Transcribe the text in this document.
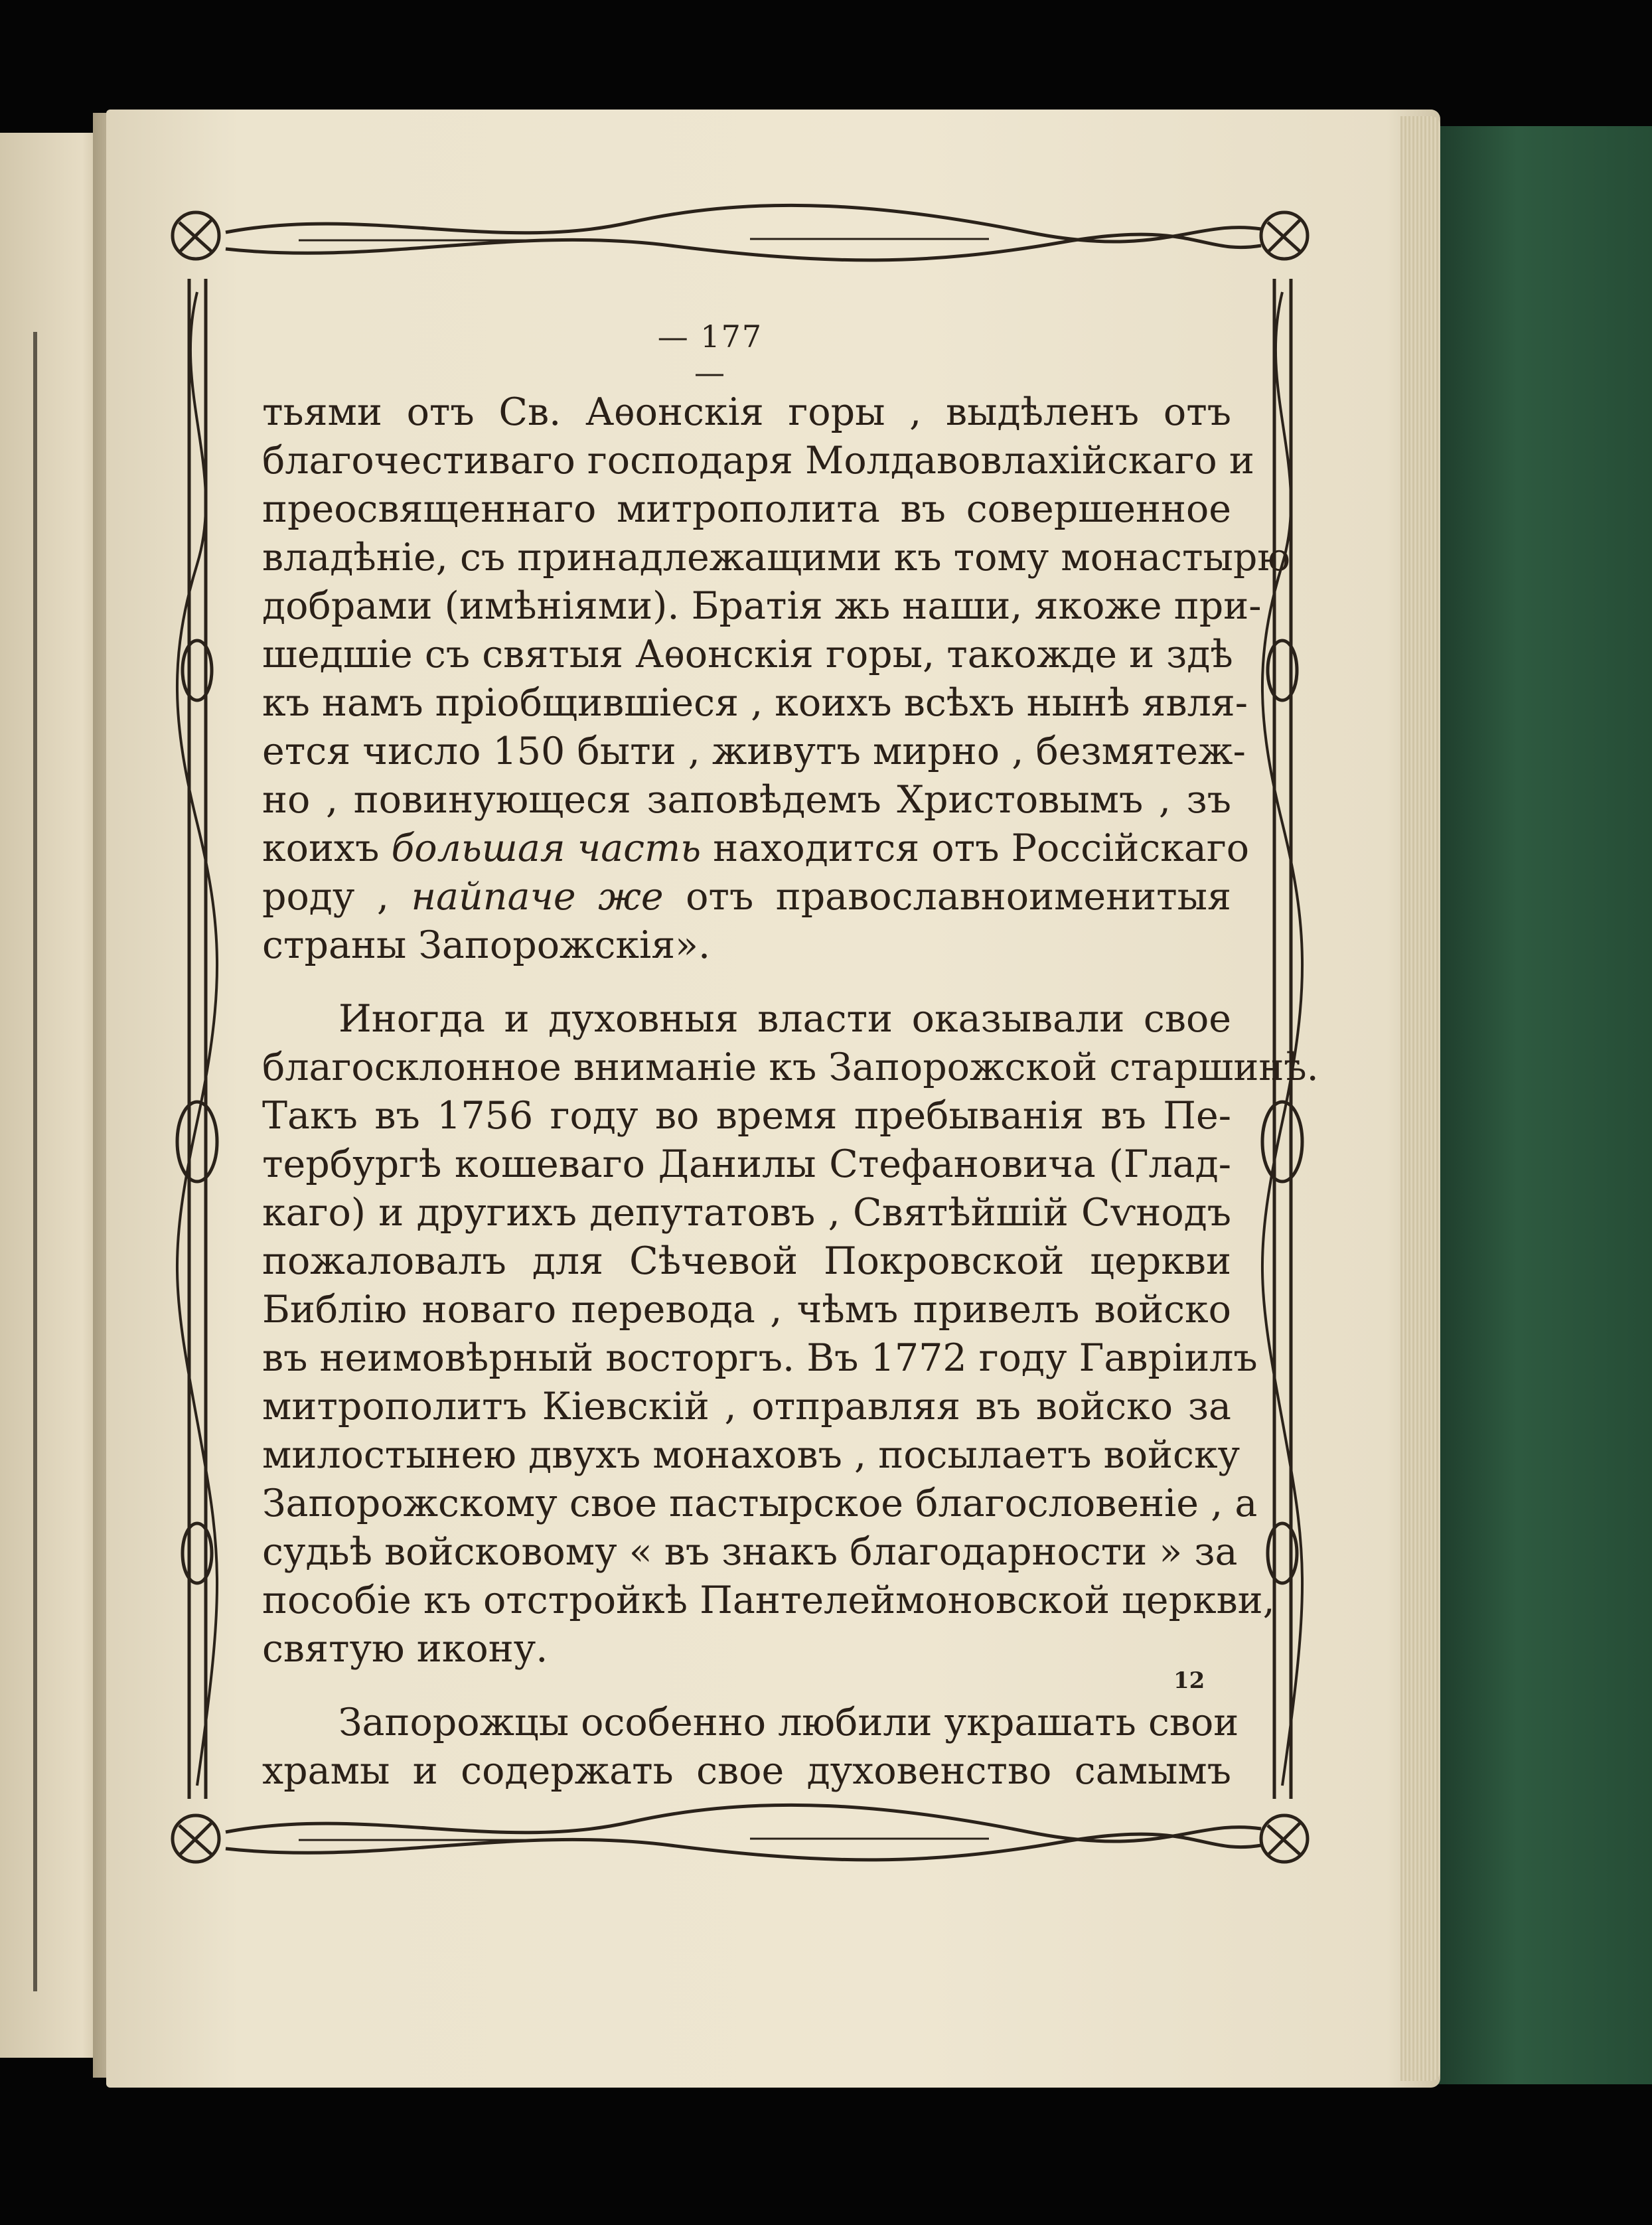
— 177 —
тьями отъ Св. Аѳонскія горы , выдѣленъ отъ
благочестиваго господаря Молдавовлахійскаго и
преосвященнаго митрополита въ совершенное
владѣніе, съ принадлежащими къ тому монастырю
добрами (имѣніями). Братія жь наши, якоже при-
шедшіе съ святыя Аѳонскія горы, такожде и здѣ
къ намъ пріобщившіеся , коихъ всѣхъ нынѣ явля-
ется число 150 быти , живутъ мирно , безмятеж-
но , повинующеся заповѣдемъ Христовымъ , зъ
коихъ большая часть находится отъ Россійскаго
роду , найпаче же отъ православноименитыя
страны Запорожскія».
Иногда и духовныя власти оказывали свое
благосклонное вниманіе къ Запорожской старшинѣ.
Такъ въ 1756 году во время пребыванія въ Пе-
тербургѣ кошеваго Данилы Стефановича (Глад-
каго) и другихъ депутатовъ , Святѣйшій Сѵнодъ
пожаловалъ для Сѣчевой Покровской церкви
Библію новаго перевода , чѣмъ привелъ войско
въ неимовѣрный восторгъ. Въ 1772 году Гавріилъ
митрополитъ Кіевскій , отправляя въ войско за
милостынею двухъ монаховъ , посылаетъ войску
Запорожскому свое пастырское благословеніе , а
судьѣ войсковому « въ знакъ благодарности » за
пособіе къ отстройкѣ Пантелеймоновской церкви,
святую икону.
Запорожцы особенно любили украшать свои
храмы и содержать свое духовенство самымъ
12
